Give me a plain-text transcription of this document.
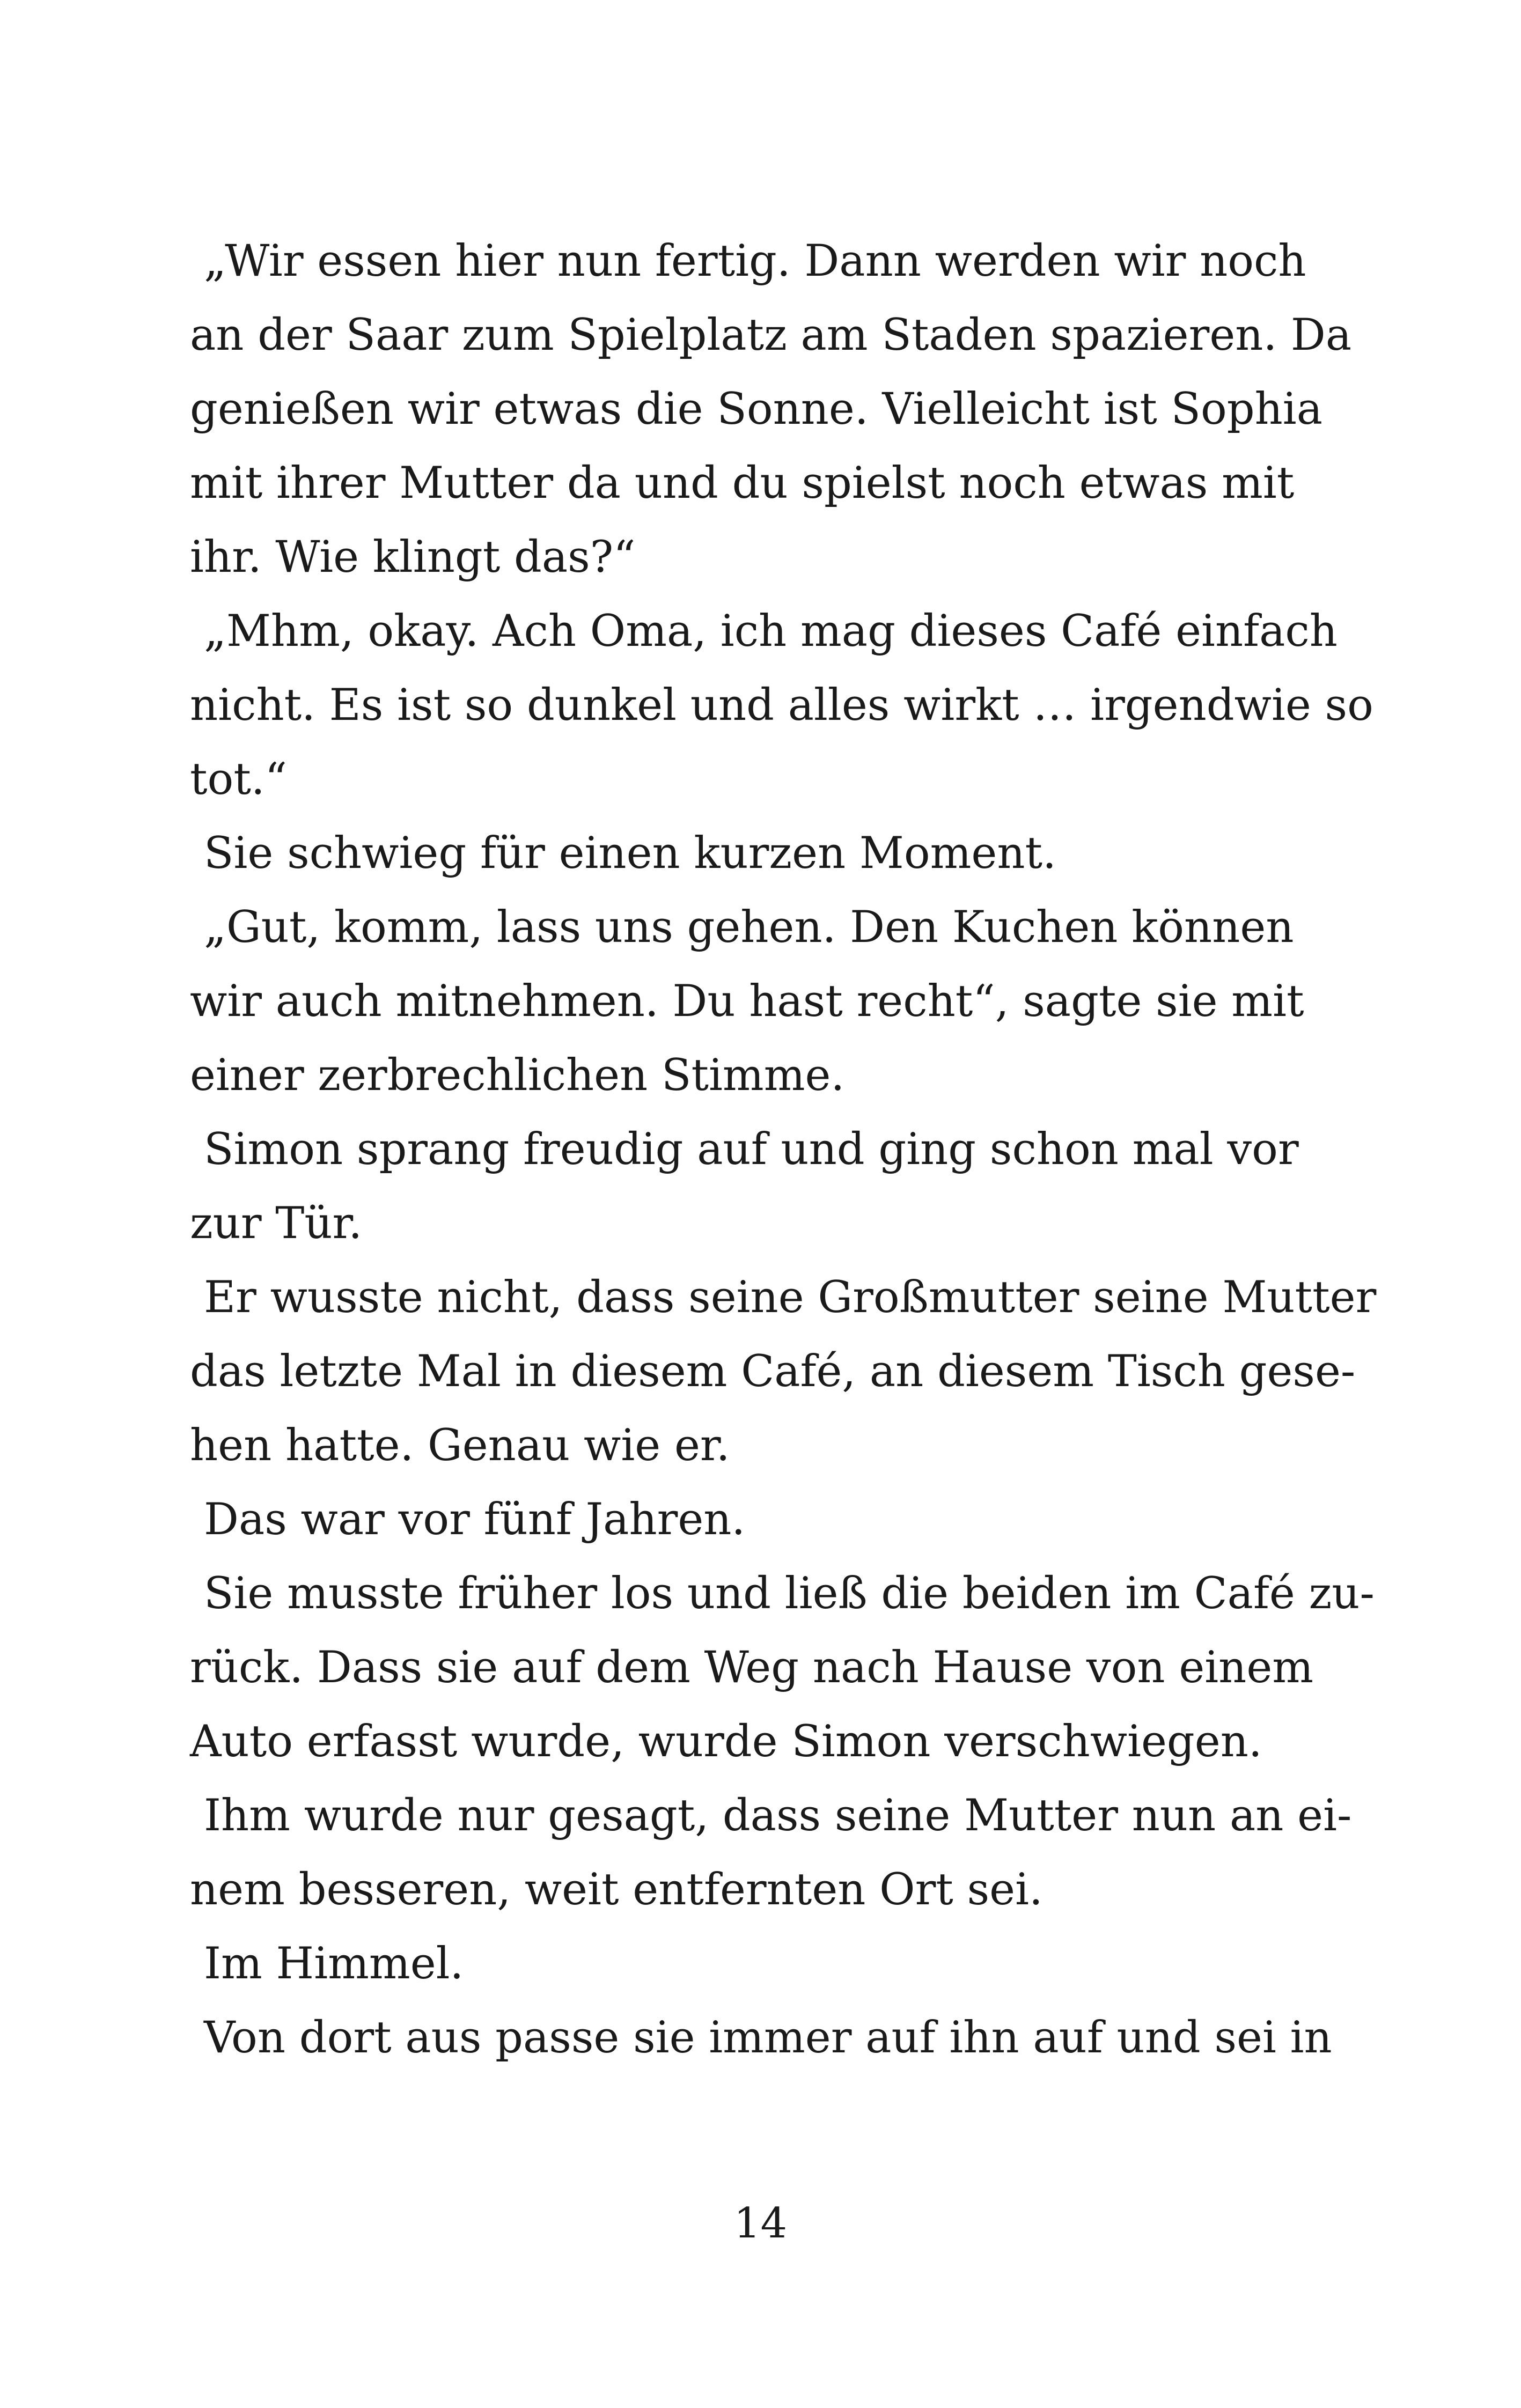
„Wir essen hier nun fertig. Dann werden wir noch
an der Saar zum Spielplatz am Staden spazieren. Da
genießen wir etwas die Sonne. Vielleicht ist Sophia
mit ihrer Mutter da und du spielst noch etwas mit
ihr. Wie klingt das?“
„Mhm, okay. Ach Oma, ich mag dieses Café einfach
nicht. Es ist so dunkel und alles wirkt … irgendwie so
tot.“
Sie schwieg für einen kurzen Moment.
„Gut, komm, lass uns gehen. Den Kuchen können
wir auch mitnehmen. Du hast recht“, sagte sie mit
einer zerbrechlichen Stimme.
Simon sprang freudig auf und ging schon mal vor
zur Tür.
Er wusste nicht, dass seine Großmutter seine Mutter
das letzte Mal in diesem Café, an diesem Tisch gese-
hen hatte. Genau wie er.
Das war vor fünf Jahren.
Sie musste früher los und ließ die beiden im Café zu-
rück. Dass sie auf dem Weg nach Hause von einem
Auto erfasst wurde, wurde Simon verschwiegen.
Ihm wurde nur gesagt, dass seine Mutter nun an ei-
nem besseren, weit entfernten Ort sei.
Im Himmel.
Von dort aus passe sie immer auf ihn auf und sei in
14
